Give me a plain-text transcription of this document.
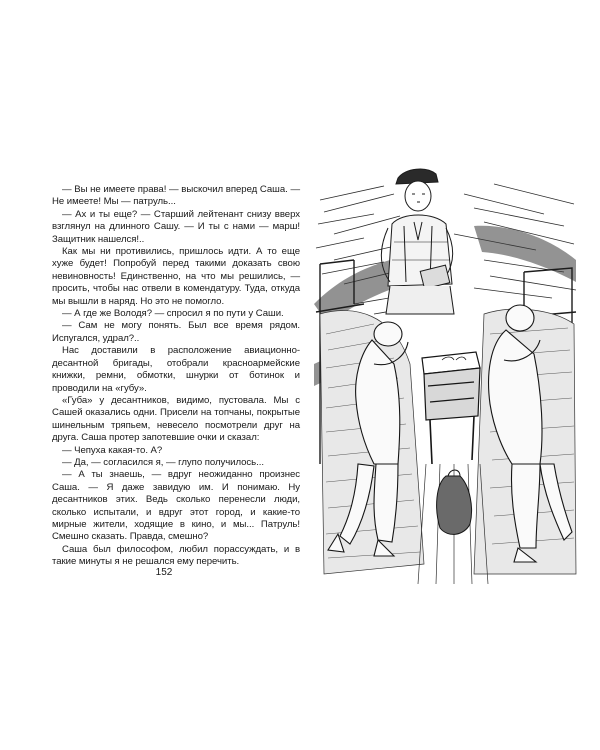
— Вы не имеете права! — выскочил вперед Саша. — Не имеете! Мы — патруль...

— Ах и ты еще? — Старший лейтенант снизу вверх взглянул на длинного Сашу. — И ты с нами — марш! Защитник нашелся!..

Как мы ни противились, пришлось идти. А то еще хуже будет! Попробуй перед такими доказать свою невиновность! Единственно, на что мы решились, — просить, чтобы нас отвели в комендатуру. Туда, откуда мы вышли в наряд. Но это не помогло.

— А где же Володя? — спросил я по пути у Саши.

— Сам не могу понять. Был все время рядом. Испугался, удрал?..

Нас доставили в расположение авиационно-десантной бригады, отобрали красноармейские книжки, ремни, обмотки, шнурки от ботинок и проводили на «губу».

«Губа» у десантников, видимо, пустовала. Мы с Сашей оказались одни. Присели на топчаны, покрытые шинельным тряпьем, невесело посмотрели друг на друга. Саша протер запотевшие очки и сказал:

— Чепуха какая-то. А?

— Да, — согласился я, — глупо получилось...

— А ты знаешь, — вдруг неожиданно произнес Саша. — Я даже завидую им. И понимаю. Ну десантников этих. Ведь сколько перенесли люди, сколько испытали, и вдруг этот город, и какие-то мирные жители, ходящие в кино, и мы... Патруль! Смешно сказать. Правда, смешно?

Саша был философом, любил порассуждать, и в такие минуты я не решался ему перечить.

152
